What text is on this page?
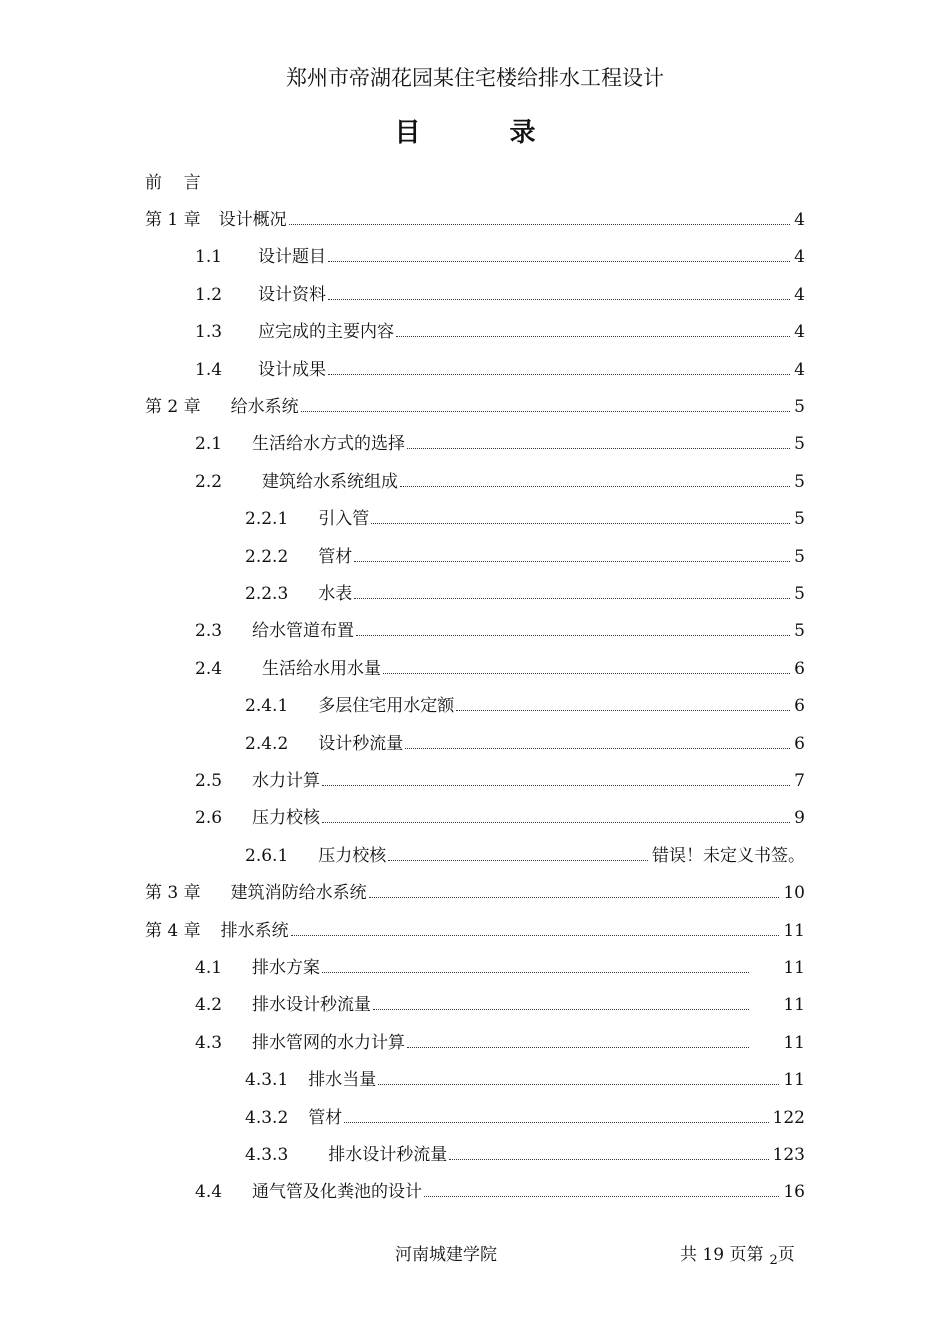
郑州市帝湖花园某住宅楼给排水工程设计
目 录
前    言
第 1 章 设计概况	4
1.1 设计题目	4
1.2 设计资料	4
1.3 应完成的主要内容	4
1.4 设计成果	4
第 2 章 给水系统	5
2.1 生活给水方式的选择	5
2.2 建筑给水系统组成	5
2.2.1 引入管	5
2.2.2 管材	5
2.2.3 水表	5
2.3 给水管道布置	5
2.4 生活给水用水量	6
2.4.1 多层住宅用水定额	6
2.4.2 设计秒流量	6
2.5 水力计算	7
2.6 压力校核	9
2.6.1 压力校核	错误！未定义书签。
第 3 章 建筑消防给水系统	10
第 4 章 排水系统	11
4.1 排水方案	11
4.2 排水设计秒流量	11
4.3 排水管网的水力计算	11
4.3.1 排水当量	11
4.3.2 管材	122
4.3.3 排水设计秒流量	123
4.4 通气管及化粪池的设计	16
河南城建学院	共 19 页第 $_2$页
